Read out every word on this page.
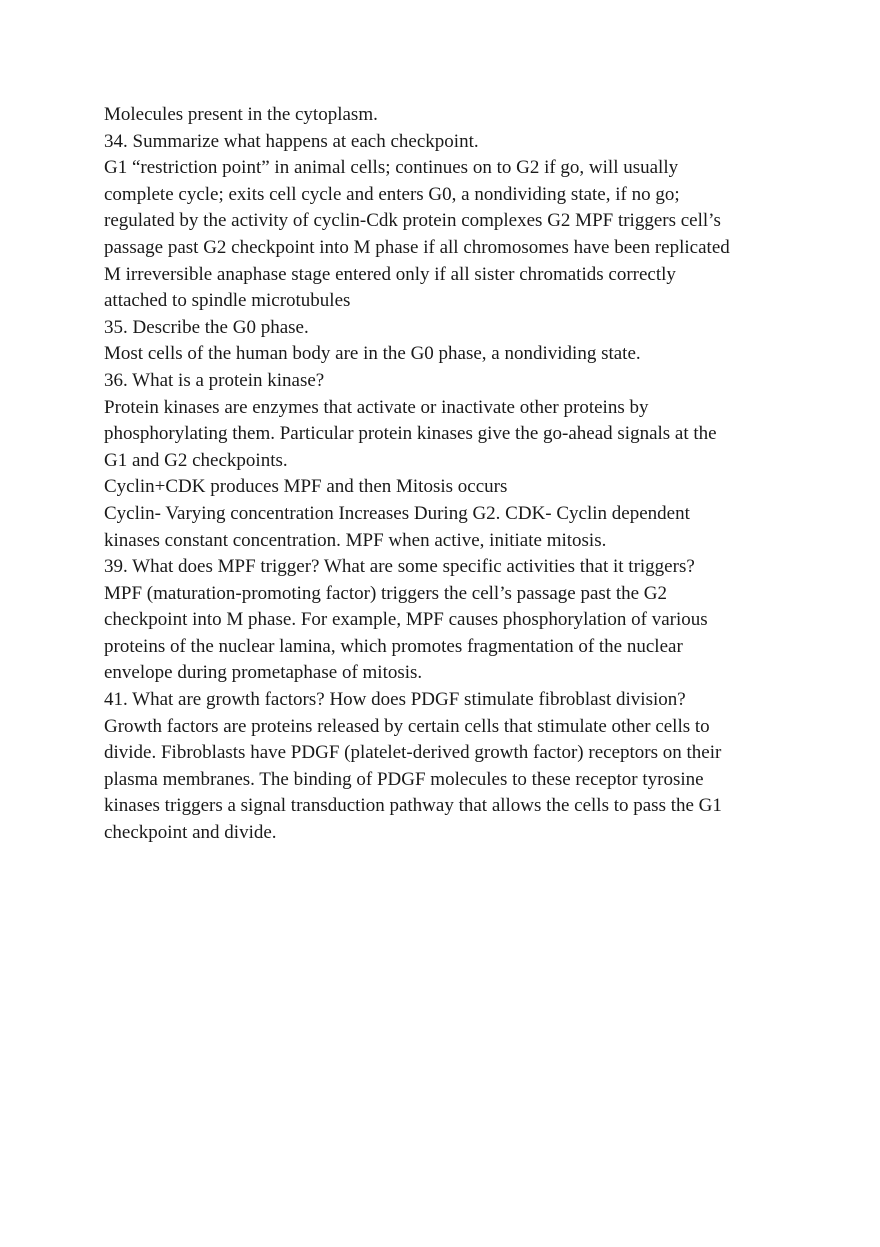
Molecules present in the cytoplasm.

34. Summarize what happens at each checkpoint.

G1 “restriction point” in animal cells; continues on to G2 if go, will usually

complete cycle; exits cell cycle and enters G0, a nondividing state, if no go;

regulated by the activity of cyclin-Cdk protein complexes G2 MPF triggers cell’s

passage past G2 checkpoint into M phase if all chromosomes have been replicated

M irreversible anaphase stage entered only if all sister chromatids correctly

attached to spindle microtubules

35. Describe the G0 phase.

Most cells of the human body are in the G0 phase, a nondividing state.

36. What is a protein kinase?

Protein kinases are enzymes that activate or inactivate other proteins by

phosphorylating them. Particular protein kinases give the go-ahead signals at the

G1 and G2 checkpoints.

Cyclin+CDK produces MPF and then Mitosis occurs

Cyclin- Varying concentration Increases During G2. CDK- Cyclin dependent

kinases constant concentration. MPF when active, initiate mitosis.

39. What does MPF trigger? What are some specific activities that it triggers?

MPF (maturation-promoting factor) triggers the cell’s passage past the G2

checkpoint into M phase. For example, MPF causes phosphorylation of various

proteins of the nuclear lamina, which promotes fragmentation of the nuclear

envelope during prometaphase of mitosis.

41. What are growth factors? How does PDGF stimulate fibroblast division?

Growth factors are proteins released by certain cells that stimulate other cells to

divide. Fibroblasts have PDGF (platelet-derived growth factor) receptors on their

plasma membranes. The binding of PDGF molecules to these receptor tyrosine

kinases triggers a signal transduction pathway that allows the cells to pass the G1

checkpoint and divide.
